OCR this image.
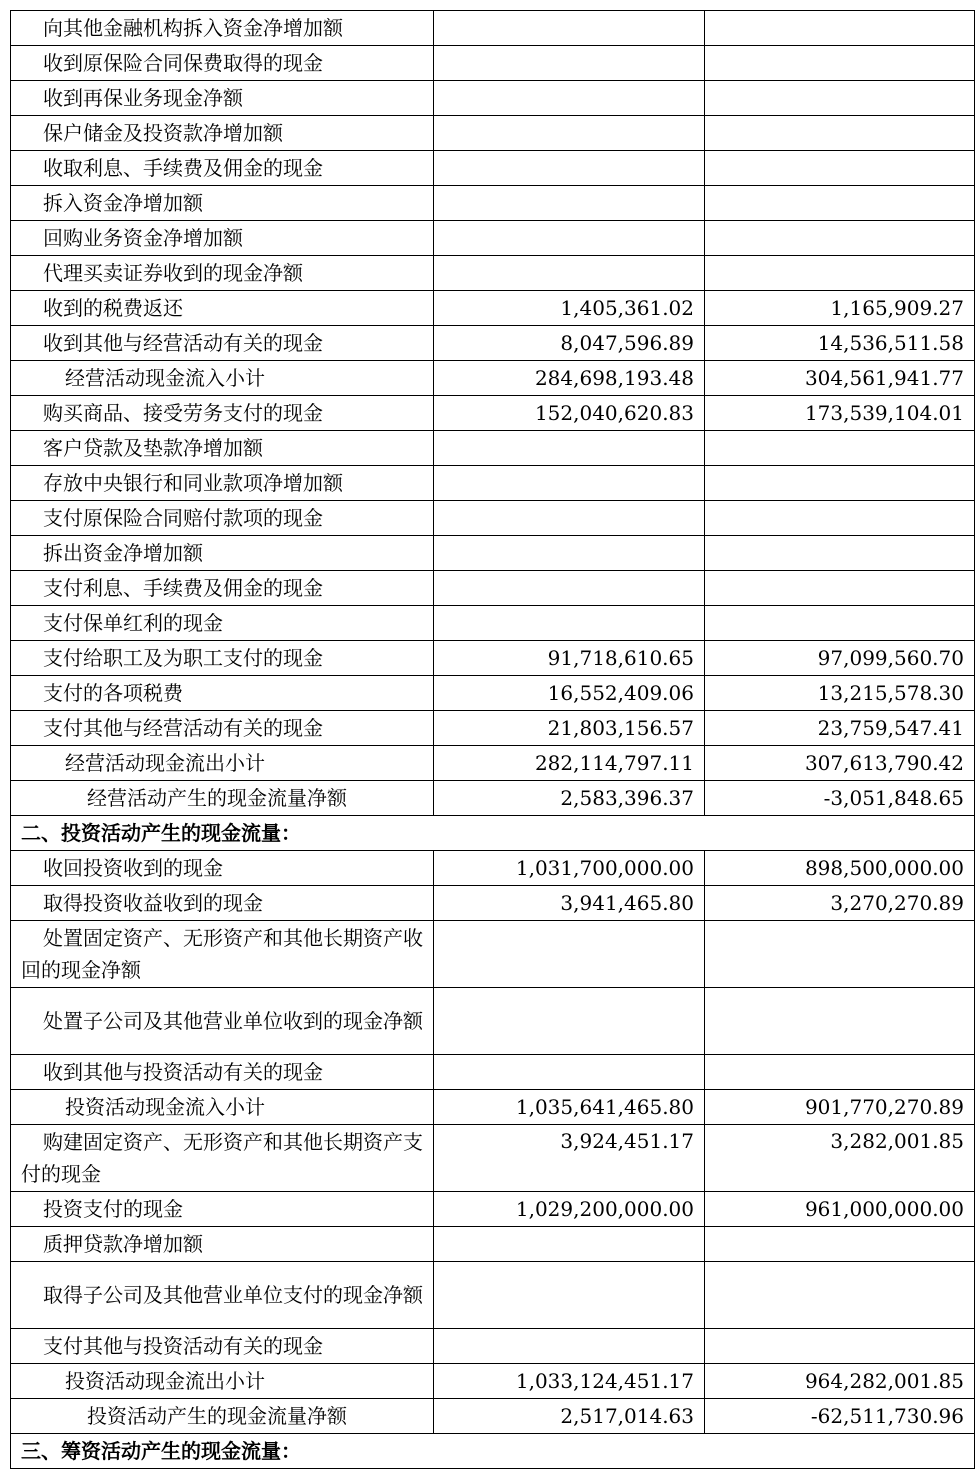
向其他金融机构拆入资金净增加额		
收到原保险合同保费取得的现金		
收到再保业务现金净额		
保户储金及投资款净增加额		
收取利息、手续费及佣金的现金		
拆入资金净增加额		
回购业务资金净增加额		
代理买卖证券收到的现金净额		
收到的税费返还	1,405,361.02	1,165,909.27
收到其他与经营活动有关的现金	8,047,596.89	14,536,511.58
经营活动现金流入小计	284,698,193.48	304,561,941.77
购买商品、接受劳务支付的现金	152,040,620.83	173,539,104.01
客户贷款及垫款净增加额		
存放中央银行和同业款项净增加额		
支付原保险合同赔付款项的现金		
拆出资金净增加额		
支付利息、手续费及佣金的现金		
支付保单红利的现金		
支付给职工及为职工支付的现金	91,718,610.65	97,099,560.70
支付的各项税费	16,552,409.06	13,215,578.30
支付其他与经营活动有关的现金	21,803,156.57	23,759,547.41
经营活动现金流出小计	282,114,797.11	307,613,790.42
经营活动产生的现金流量净额	2,583,396.37	-3,051,848.65
二、投资活动产生的现金流量：		
收回投资收到的现金	1,031,700,000.00	898,500,000.00
取得投资收益收到的现金	3,941,465.80	3,270,270.89
处置固定资产、无形资产和其他长期资产收回的现金净额		
处置子公司及其他营业单位收到的现金净额		
收到其他与投资活动有关的现金		
投资活动现金流入小计	1,035,641,465.80	901,770,270.89
购建固定资产、无形资产和其他长期资产支付的现金	3,924,451.17	3,282,001.85
投资支付的现金	1,029,200,000.00	961,000,000.00
质押贷款净增加额		
取得子公司及其他营业单位支付的现金净额		
支付其他与投资活动有关的现金		
投资活动现金流出小计	1,033,124,451.17	964,282,001.85
投资活动产生的现金流量净额	2,517,014.63	-62,511,730.96
三、筹资活动产生的现金流量：		
